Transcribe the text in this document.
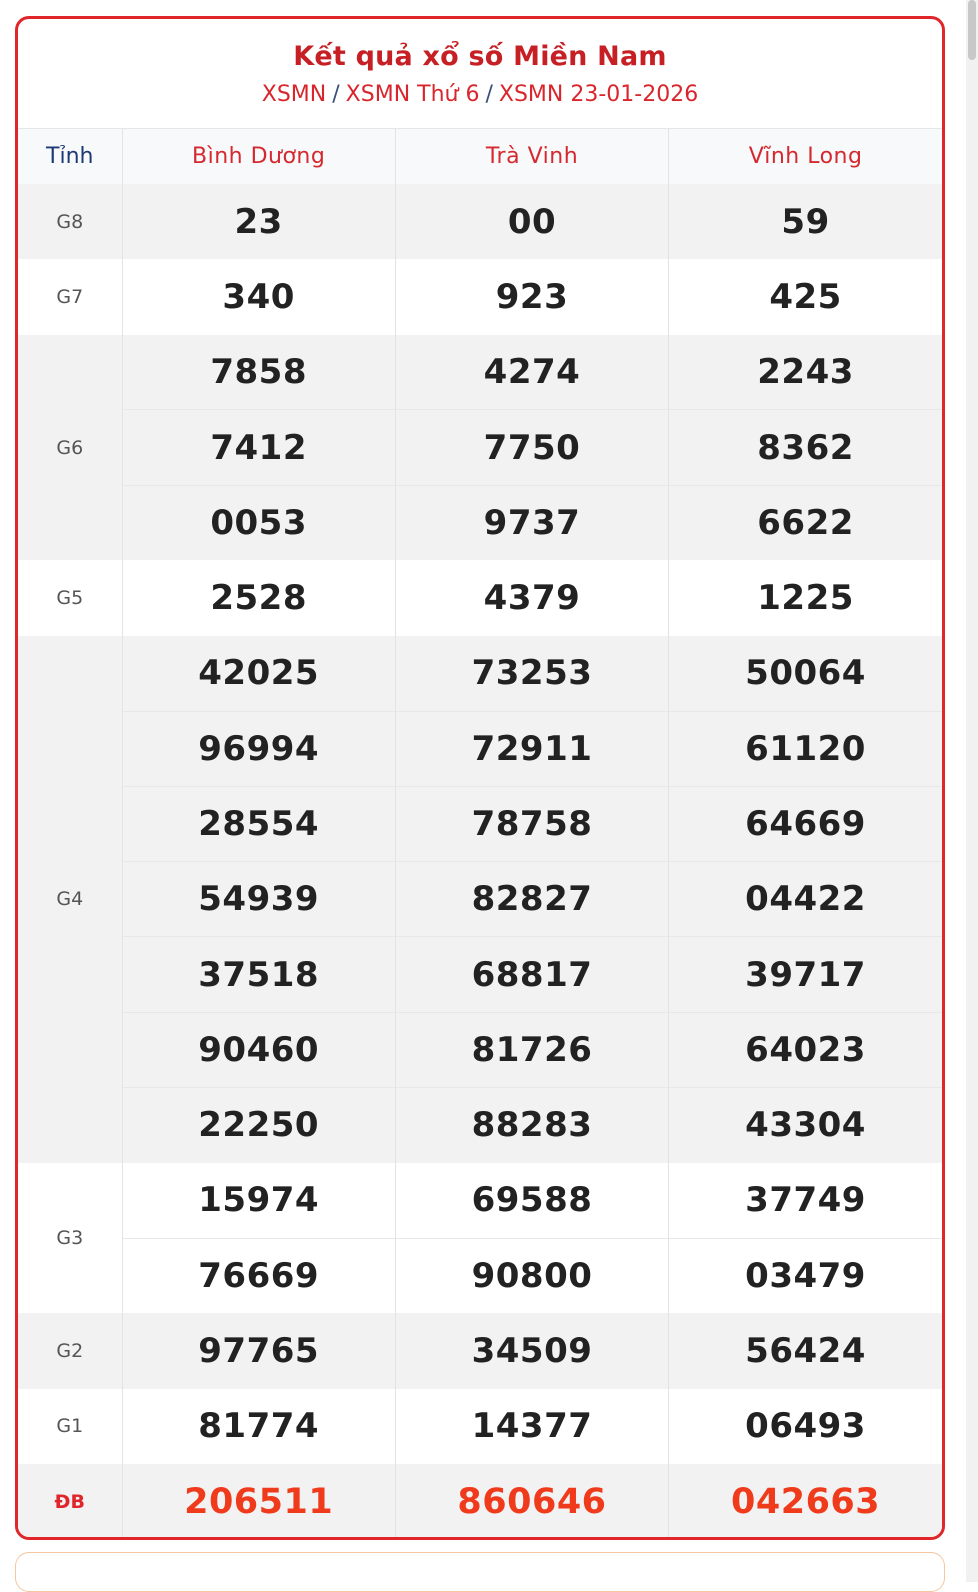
Kết quả xổ số Miền Nam
XSMN / XSMN Thứ 6 / XSMN 23-01-2026
Tỉnh	Bình Dương	Trà Vinh	Vĩnh Long
G8	23	00	59
G7	340	923	425
G6	7858	4274	2243
	7412	7750	8362
	0053	9737	6622
G5	2528	4379	1225
G4	42025	73253	50064
	96994	72911	61120
	28554	78758	64669
	54939	82827	04422
	37518	68817	39717
	90460	81726	64023
	22250	88283	43304
G3	15974	69588	37749
	76669	90800	03479
G2	97765	34509	56424
G1	81774	14377	06493
ĐB	206511	860646	042663
